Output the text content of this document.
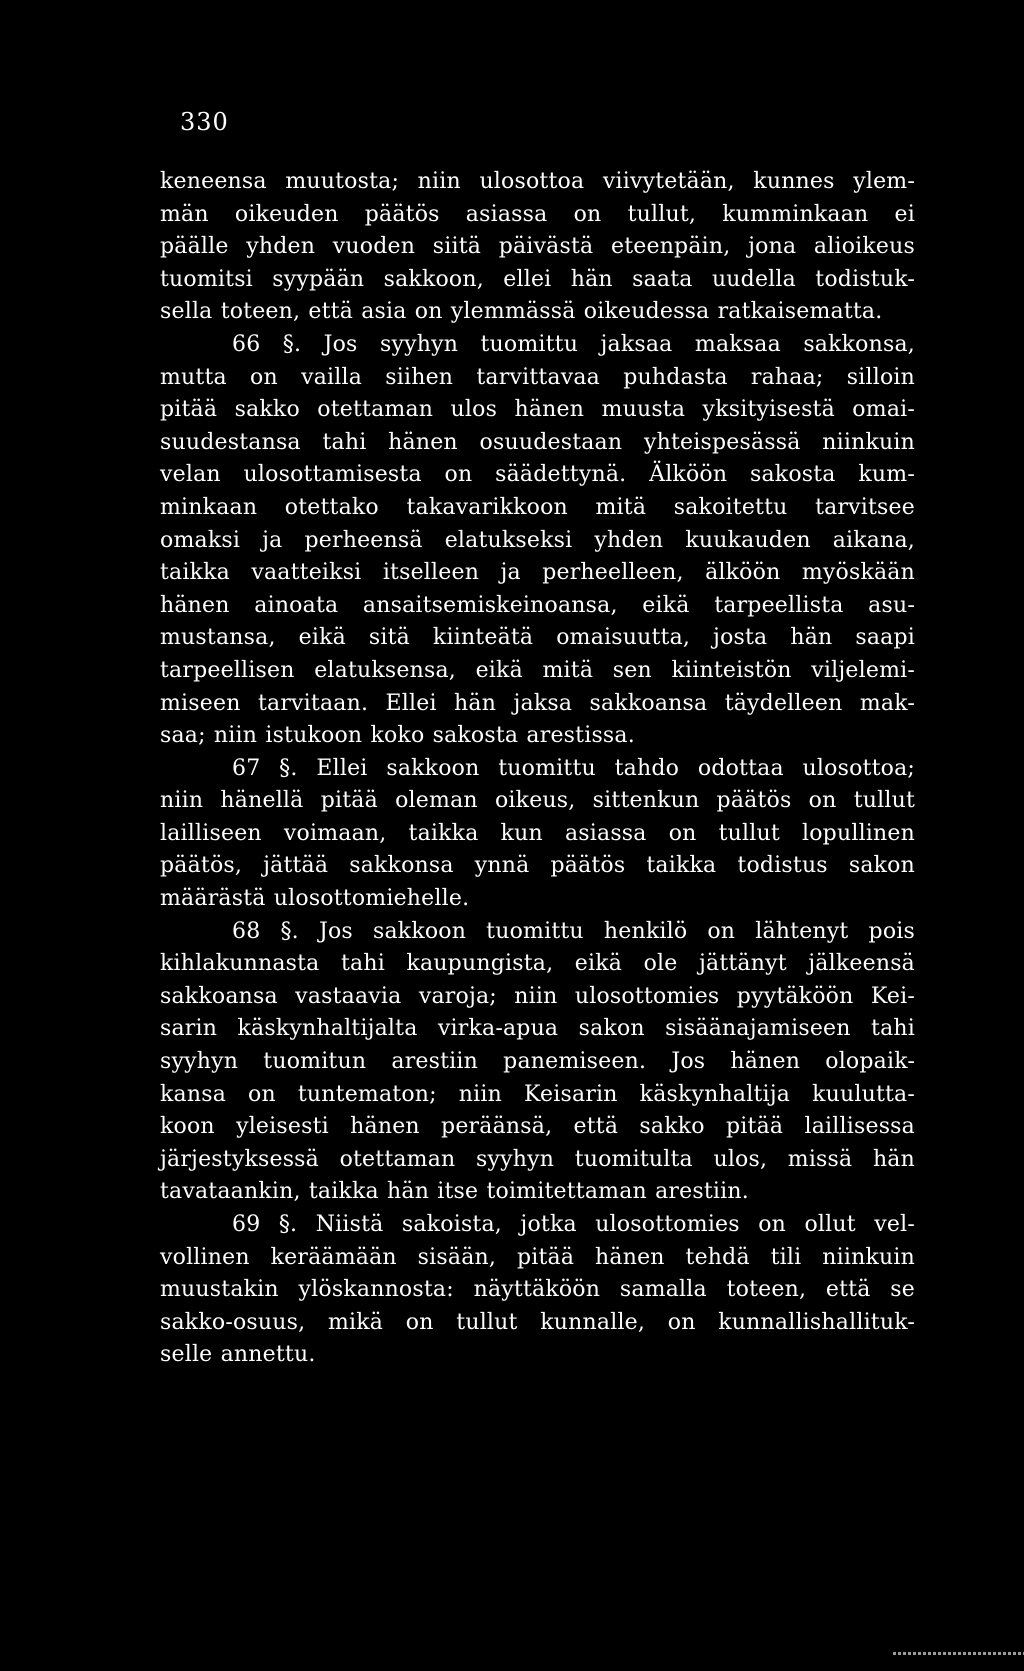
330
keneensa muutosta; niin ulosottoa viivytetään, kunnes ylem-
män oikeuden päätös asiassa on tullut, kumminkaan ei
päälle yhden vuoden siitä päivästä eteenpäin, jona alioikeus
tuomitsi syypään sakkoon, ellei hän saata uudella todistuk-
sella toteen, että asia on ylemmässä oikeudessa ratkaisematta.
66 §. Jos syyhyn tuomittu jaksaa maksaa sakkonsa,
mutta on vailla siihen tarvittavaa puhdasta rahaa; silloin
pitää sakko otettaman ulos hänen muusta yksityisestä omai-
suudestansa tahi hänen osuudestaan yhteispesässä niinkuin
velan ulosottamisesta on säädettynä. Älköön sakosta kum-
minkaan otettako takavarikkoon mitä sakoitettu tarvitsee
omaksi ja perheensä elatukseksi yhden kuukauden aikana,
taikka vaatteiksi itselleen ja perheelleen, älköön myöskään
hänen ainoata ansaitsemiskeinoansa, eikä tarpeellista asu-
mustansa, eikä sitä kiinteätä omaisuutta, josta hän saapi
tarpeellisen elatuksensa, eikä mitä sen kiinteistön viljelemi-
miseen tarvitaan. Ellei hän jaksa sakkoansa täydelleen mak-
saa; niin istukoon koko sakosta arestissa.
67 §. Ellei sakkoon tuomittu tahdo odottaa ulosottoa;
niin hänellä pitää oleman oikeus, sittenkun päätös on tullut
lailliseen voimaan, taikka kun asiassa on tullut lopullinen
päätös, jättää sakkonsa ynnä päätös taikka todistus sakon
määrästä ulosottomiehelle.
68 §. Jos sakkoon tuomittu henkilö on lähtenyt pois
kihlakunnasta tahi kaupungista, eikä ole jättänyt jälkeensä
sakkoansa vastaavia varoja; niin ulosottomies pyytäköön Kei-
sarin käskynhaltijalta virka-apua sakon sisäänajamiseen tahi
syyhyn tuomitun arestiin panemiseen. Jos hänen olopaik-
kansa on tuntematon; niin Keisarin käskynhaltija kuulutta-
koon yleisesti hänen peräänsä, että sakko pitää laillisessa
järjestyksessä otettaman syyhyn tuomitulta ulos, missä hän
tavataankin, taikka hän itse toimitettaman arestiin.
69 §. Niistä sakoista, jotka ulosottomies on ollut vel-
vollinen keräämään sisään, pitää hänen tehdä tili niinkuin
muustakin ylöskannosta: näyttäköön samalla toteen, että se
sakko-osuus, mikä on tullut kunnalle, on kunnallishallituk-
selle annettu.
